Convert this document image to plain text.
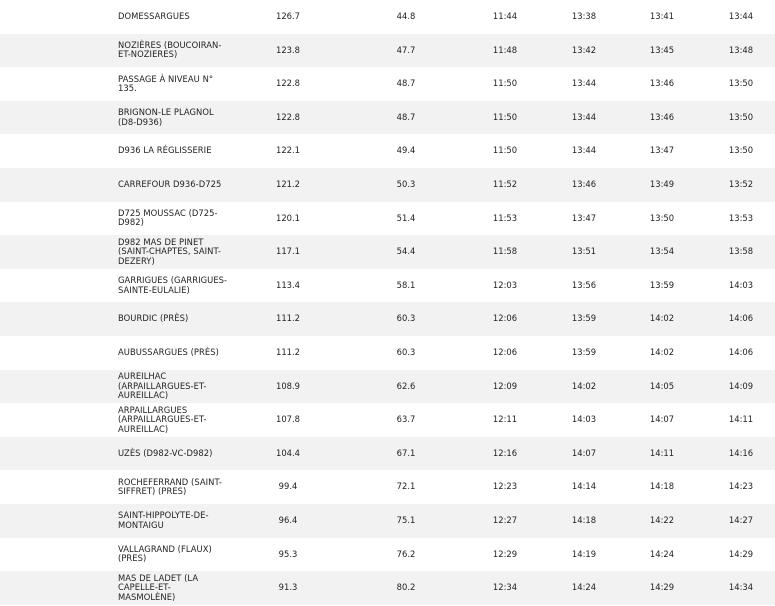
DOMESSARGUES	126.7	44.8	11:44	13:38	13:41	13:44
NOZIÈRES (BOUCOIRAN-
ET-NOZIERES)	123.8	47.7	11:48	13:42	13:45	13:48
PASSAGE À NIVEAU N°
135.	122.8	48.7	11:50	13:44	13:46	13:50
BRIGNON-LE PLAGNOL
(D8-D936)	122.8	48.7	11:50	13:44	13:46	13:50
D936 LA RÉGLISSERIE	122.1	49.4	11:50	13:44	13:47	13:50
CARREFOUR D936-D725	121.2	50.3	11:52	13:46	13:49	13:52
D725 MOUSSAC (D725-
D982)	120.1	51.4	11:53	13:47	13:50	13:53
D982 MAS DE PINET
(SAINT-CHAPTES, SAINT-
DEZERY)
117.1	54.4	11:58	13:51	13:54	13:58
GARRIGUES (GARRIGUES-
SAINTE-EULALIE)	113.4	58.1	12:03	13:56	13:59	14:03
BOURDIC (PRÈS)	111.2	60.3	12:06	13:59	14:02	14:06
AUBUSSARGUES (PRÈS)	111.2	60.3	12:06	13:59	14:02	14:06
AUREILHAC
(ARPAILLARGUES-ET-
AUREILLAC)
108.9	62.6	12:09	14:02	14:05	14:09
ARPAILLARGUES
(ARPAILLARGUES-ET-
AUREILLAC)
107.8	63.7	12:11	14:03	14:07	14:11
UZÈS (D982-VC-D982)	104.4	67.1	12:16	14:07	14:11	14:16
ROCHEFERRAND (SAINT-
SIFFRET) (PRES)	99.4	72.1	12:23	14:14	14:18	14:23
SAINT-HIPPOLYTE-DE-
MONTAIGU	96.4	75.1	12:27	14:18	14:22	14:27
VALLAGRAND (FLAUX)
(PRES)	95.3	76.2	12:29	14:19	14:24	14:29
MAS DE LADET (LA
CAPELLE-ET-
MASMOLÈNE)
91.3	80.2	12:34	14:24	14:29	14:34
